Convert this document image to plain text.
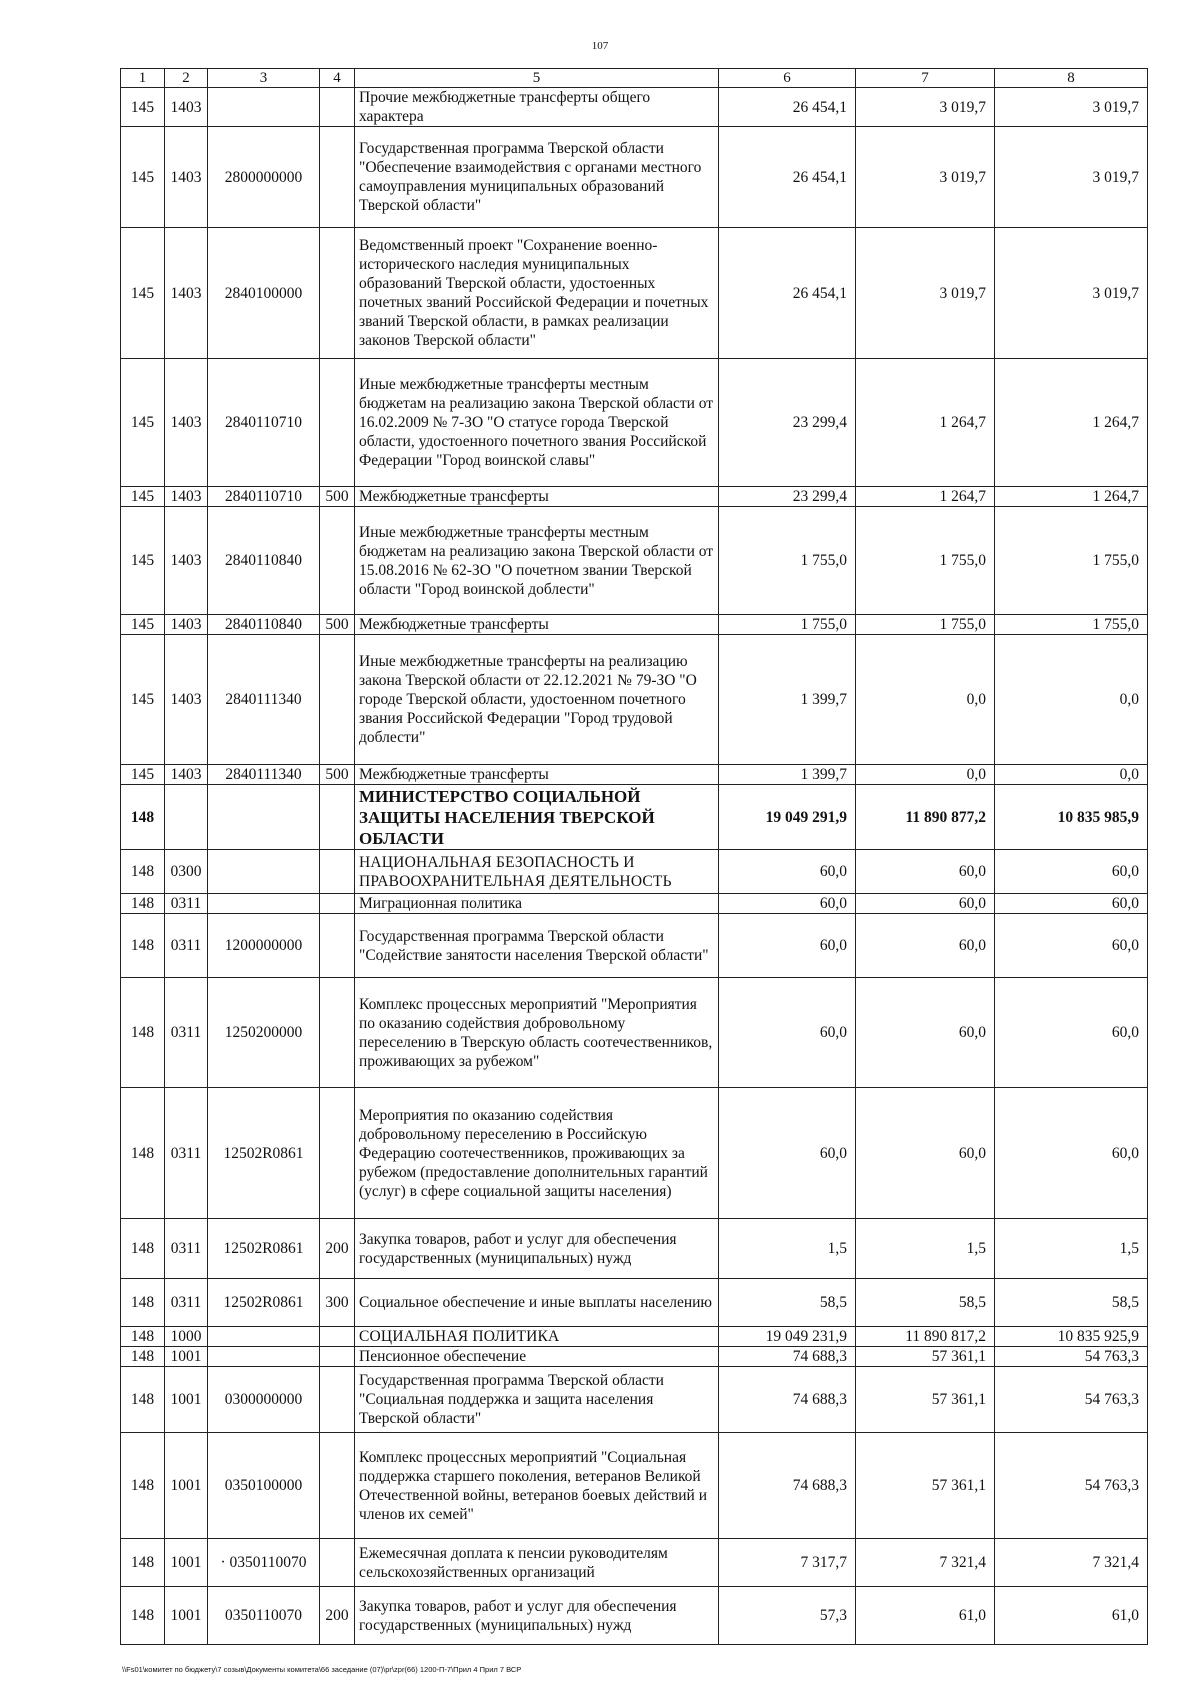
107
1	2	3	4	5	6	7	8
145	1403			Прочие межбюджетные трансферты общего характера	26 454,1	3 019,7	3 019,7
145	1403	2800000000		Государственная программа Тверской области "Обеспечение взаимодействия с органами местного самоуправления муниципальных образований Тверской области"	26 454,1	3 019,7	3 019,7
145	1403	2840100000		Ведомственный проект "Сохранение военно-исторического наследия муниципальных образований Тверской области, удостоенных почетных званий Российской Федерации и почетных званий Тверской области, в рамках реализации законов Тверской области"	26 454,1	3 019,7	3 019,7
145	1403	2840110710		Иные межбюджетные трансферты местным бюджетам на реализацию закона Тверской области от 16.02.2009 № 7-ЗО "О статусе города Тверской области, удостоенного почетного звания Российской Федерации "Город воинской славы"	23 299,4	1 264,7	1 264,7
145	1403	2840110710	500	Межбюджетные трансферты	23 299,4	1 264,7	1 264,7
145	1403	2840110840		Иные межбюджетные трансферты местным бюджетам на реализацию закона Тверской области от 15.08.2016 № 62-ЗО "О почетном звании Тверской области "Город воинской доблести"	1 755,0	1 755,0	1 755,0
145	1403	2840110840	500	Межбюджетные трансферты	1 755,0	1 755,0	1 755,0
145	1403	2840111340		Иные межбюджетные трансферты на реализацию закона Тверской области от 22.12.2021 № 79-ЗО "О городе Тверской области, удостоенном почетного звания Российской Федерации "Город трудовой доблести"	1 399,7	0,0	0,0
145	1403	2840111340	500	Межбюджетные трансферты	1 399,7	0,0	0,0
148				МИНИСТЕРСТВО СОЦИАЛЬНОЙ ЗАЩИТЫ НАСЕЛЕНИЯ ТВЕРСКОЙ ОБЛАСТИ	19 049 291,9	11 890 877,2	10 835 985,9
148	0300			НАЦИОНАЛЬНАЯ БЕЗОПАСНОСТЬ И ПРАВООХРАНИТЕЛЬНАЯ ДЕЯТЕЛЬНОСТЬ	60,0	60,0	60,0
148	0311			Миграционная политика	60,0	60,0	60,0
148	0311	1200000000		Государственная программа Тверской области "Содействие занятости населения Тверской области"	60,0	60,0	60,0
148	0311	1250200000		Комплекс процессных мероприятий "Мероприятия по оказанию содействия добровольному переселению в Тверскую область соотечественников, проживающих за рубежом"	60,0	60,0	60,0
148	0311	12502R0861		Мероприятия по оказанию содействия добровольному переселению в Российскую Федерацию соотечественников, проживающих за рубежом (предоставление дополнительных гарантий (услуг) в сфере социальной защиты населения)	60,0	60,0	60,0
148	0311	12502R0861	200	Закупка товаров, работ и услуг для обеспечения государственных (муниципальных) нужд	1,5	1,5	1,5
148	0311	12502R0861	300	Социальное обеспечение и иные выплаты населению	58,5	58,5	58,5
148	1000			СОЦИАЛЬНАЯ ПОЛИТИКА	19 049 231,9	11 890 817,2	10 835 925,9
148	1001			Пенсионное обеспечение	74 688,3	57 361,1	54 763,3
148	1001	0300000000		Государственная программа Тверской области "Социальная поддержка и защита населения Тверской области"	74 688,3	57 361,1	54 763,3
148	1001	0350100000		Комплекс процессных мероприятий "Социальная поддержка старшего поколения, ветеранов Великой Отечественной войны, ветеранов боевых действий и членов их семей"	74 688,3	57 361,1	54 763,3
148	1001	· 0350110070		Ежемесячная доплата к пенсии руководителям сельскохозяйственных организаций	7 317,7	7 321,4	7 321,4
148	1001	0350110070	200	Закупка товаров, работ и услуг для обеспечения государственных (муниципальных) нужд	57,3	61,0	61,0
\\Fs01\комитет по бюджету\7 созыв\Документы комитета\66 заседание (07)\pr\zpr(66) 1200-П-7\Прил 4 Прил 7 ВСР
